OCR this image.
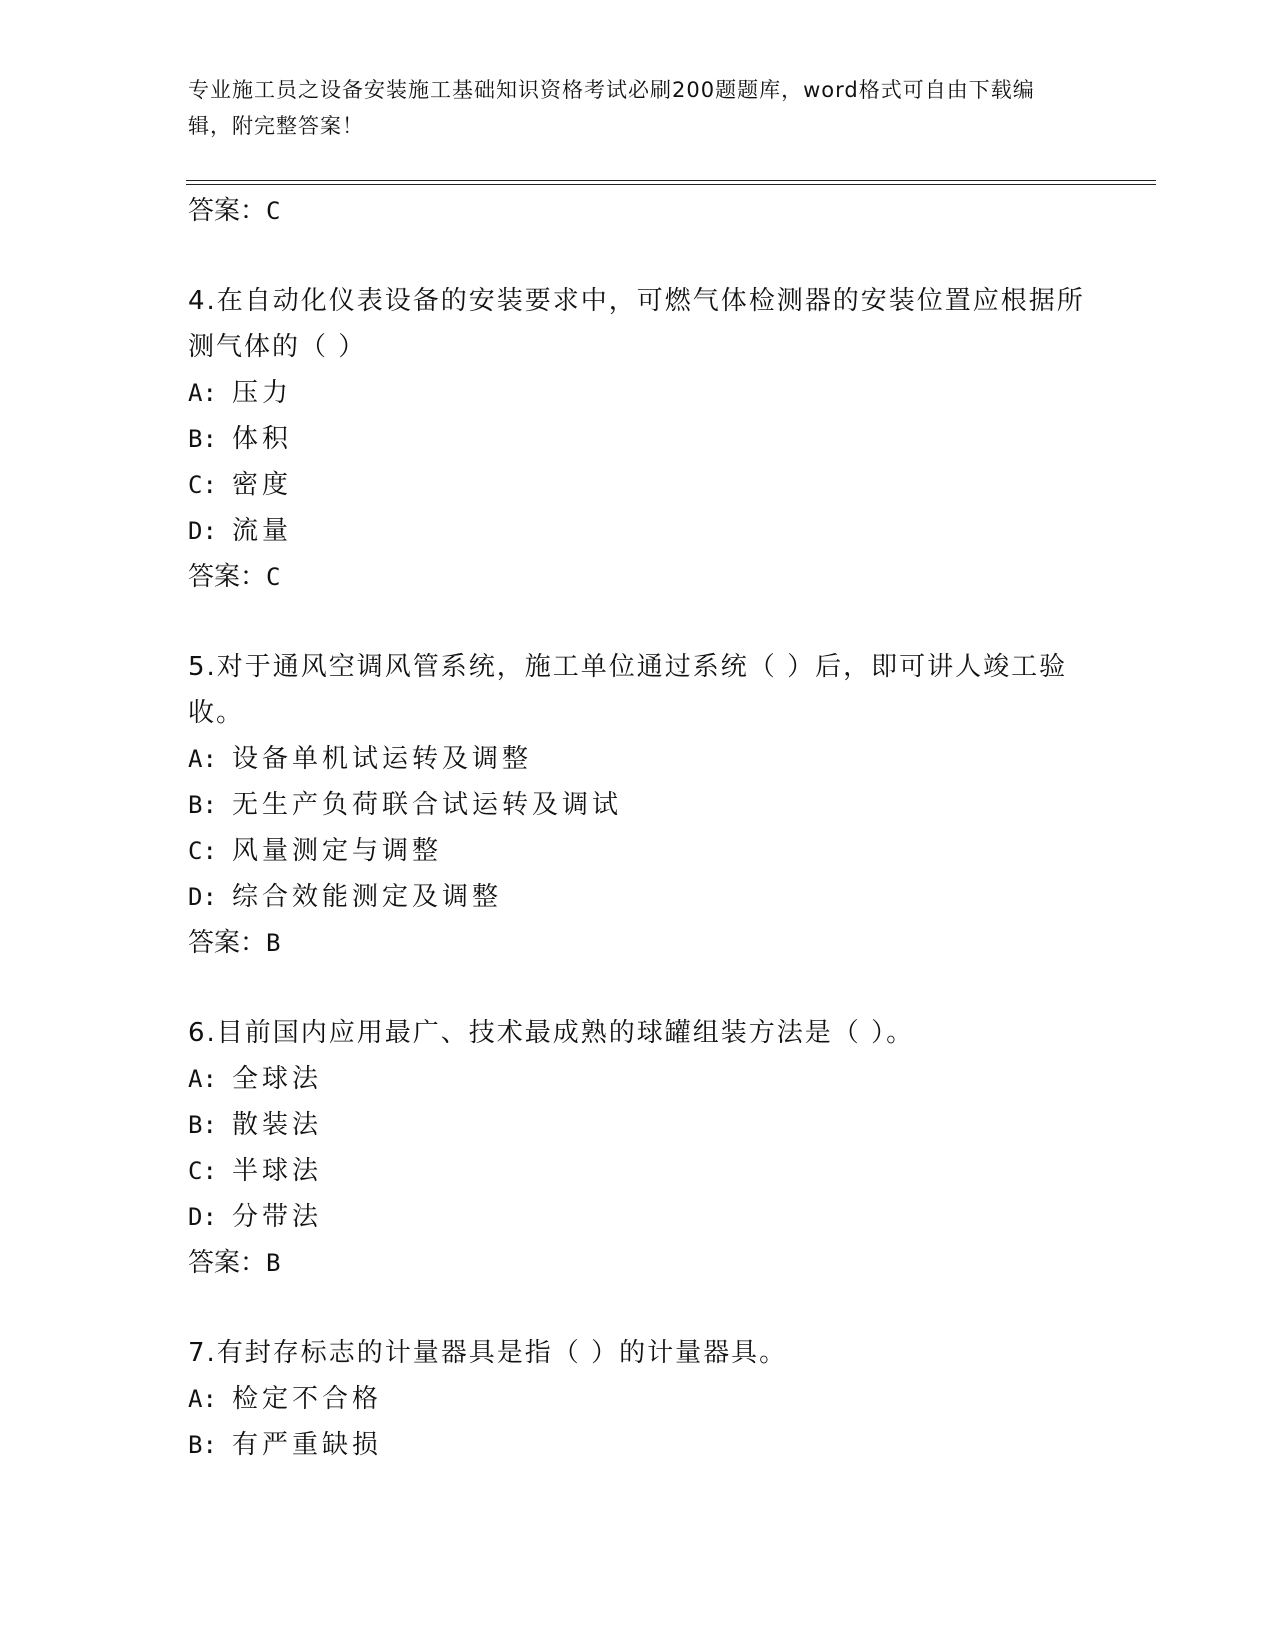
专业施工员之设备安装施工基础知识资格考试必刷200题题库，word格式可自由下载编辑，附完整答案！
答案：C
4.在自动化仪表设备的安装要求中，可燃气体检测器的安装位置应根据所测气体的（ ）
A: 压力
B: 体积
C: 密度
D: 流量
答案：C
5.对于通风空调风管系统，施工单位通过系统（ ）后，即可讲人竣工验收。
A: 设备单机试运转及调整
B: 无生产负荷联合试运转及调试
C: 风量测定与调整
D: 综合效能测定及调整
答案：B
6.目前国内应用最广、技术最成熟的球罐组装方法是（ ）。
A: 全球法
B: 散装法
C: 半球法
D: 分带法
答案：B
7.有封存标志的计量器具是指（ ）的计量器具。
A: 检定不合格
B: 有严重缺损
